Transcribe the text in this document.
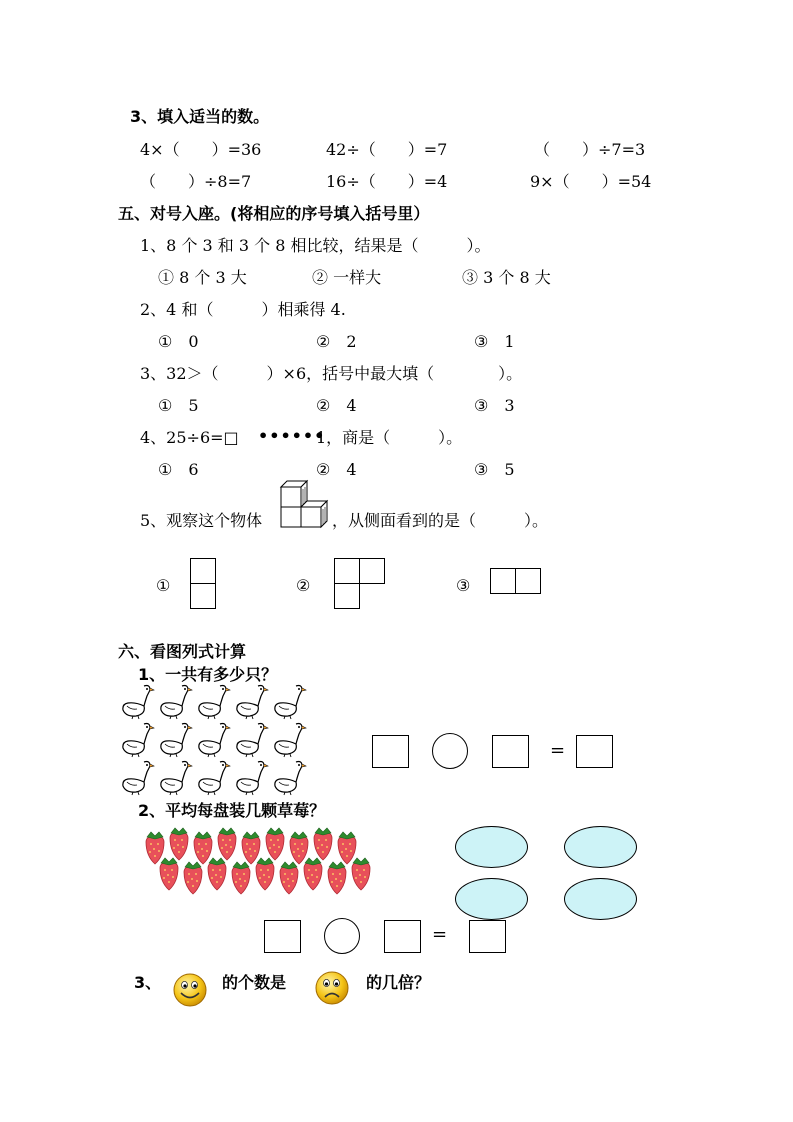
3、填入适当的数。
4×（　　）=36	42÷（　　）=7	（　　）÷7=3
（　　）÷8=7	16÷（　　）=4	9×（　　）=54
五、对号入座。(将相应的序号填入括号里）
1、8 个 3 和 3 个 8 相比较，结果是（　　　）。
① 8 个 3 大	② 一样大	③ 3 个 8 大
2、4 和（　　　）相乘得 4.
①　0	②　2	③　1
3、32＞（　　　）×6，括号中最大填（　　　　）。
①　5	②　4	③　3
4、25÷6=□ ••••••
1，商是（　　　）。
①　6	②　4	③　5
5、观察这个物体	，从侧面看到的是（　　　）。
①	②	③
六、看图列式计算
1、一共有多少只？
=
2、平均每盘装几颗草莓？
=
3、	的个数是	的几倍？
